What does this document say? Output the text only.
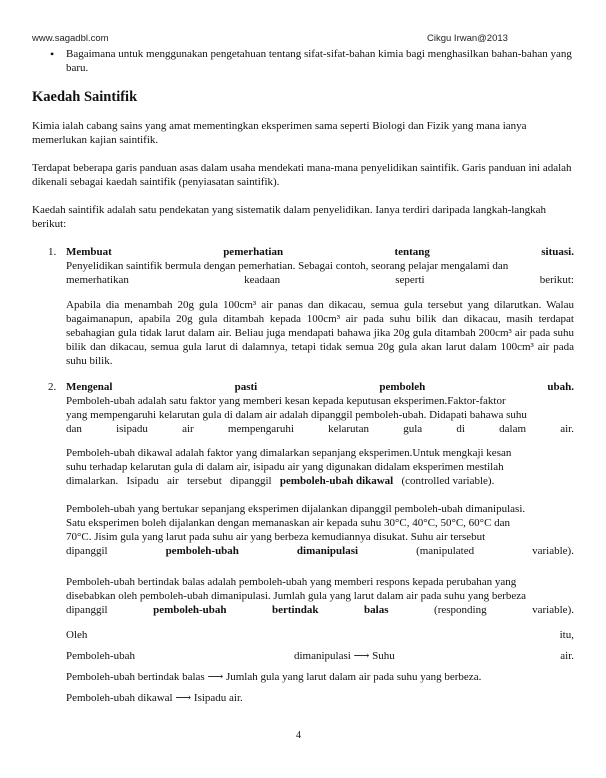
www.sagadbl.com	Cikgu Irwan@2013
• Bagaimana untuk menggunakan pengetahuan tentang sifat-sifat-bahan kimia bagi menghasilkan bahan-bahan yang baru.
Kaedah Saintifik
Kimia ialah cabang sains yang amat mementingkan eksperimen sama seperti Biologi dan Fizik yang mana ianya memerlukan kajian saintifik.
Terdapat beberapa garis panduan asas dalam usaha mendekati mana-mana penyelidikan saintifik. Garis panduan ini adalah dikenali sebagai kaedah saintifik (penyiasatan saintifik).
Kaedah saintifik adalah satu pendekatan yang sistematik dalam penyelidikan. Ianya terdiri daripada langkah-langkah berikut:
1. Membuat	pemerhatian	tentang	situasi.
Penyelidikan saintifik bermula dengan pemerhatian. Sebagai contoh, seorang pelajar mengalami dan
memerhatikan	keadaan	seperti	berikut:
Apabila dia menambah 20g gula 100cm³ air panas dan dikacau, semua gula tersebut yang dilarutkan. Walau bagaimanapun, apabila 20g gula ditambah kepada 100cm³ air pada suhu bilik dan dikacau, masih terdapat sebahagian gula tidak larut dalam air. Beliau juga mendapati bahawa jika 20g gula ditambah 200cm³ air pada suhu bilik dan dikacau, semua gula larut di dalamnya, tetapi tidak semua 20g gula akan larut dalam 100cm³ air pada suhu bilik.
2. Mengenal	pasti	pemboleh	ubah.
Pemboleh-ubah adalah satu faktor yang memberi kesan kepada keputusan eksperimen.Faktor-faktor
yang mempengaruhi kelarutan gula di dalam air adalah dipanggil pemboleh-ubah. Didapati bahawa suhu
dan	isipadu	air	mempengaruhi	kelarutan	gula	di	dalam	air.
Pemboleh-ubah dikawal adalah faktor yang dimalarkan sepanjang eksperimen.Untuk mengkaji kesan
suhu terhadap kelarutan gula di dalam air, isipadu air yang digunakan didalam eksperimen mestilah
dimalarkan.   Isipadu   air   tersebut   dipanggil pemboleh-ubah dikawal (controlled variable).
Pemboleh-ubah yang bertukar sepanjang eksperimen dijalankan dipanggil pemboleh-ubah dimanipulasi.
Satu eksperimen boleh dijalankan dengan memanaskan air kepada suhu 30°C, 40°C, 50°C, 60°C dan
70°C. Jisim gula yang larut pada suhu air yang berbeza kemudiannya disukat. Suhu air tersebut
dipanggil	pemboleh-ubah	dimanipulasi	(manipulated	variable).
Pemboleh-ubah bertindak balas adalah pemboleh-ubah yang memberi respons kepada perubahan yang
disebabkan oleh pemboleh-ubah dimanipulasi. Jumlah gula yang larut dalam air pada suhu yang berbeza
dipanggil	pemboleh-ubah	bertindak	balas	(responding	variable).
Oleh	itu,
Pemboleh-ubah	dimanipulasi ⟶ Suhu	air.
Pemboleh-ubah bertindak balas ⟶ Jumlah gula yang larut dalam air pada suhu yang berbeza.
Pemboleh-ubah dikawal ⟶ Isipadu air.
4
